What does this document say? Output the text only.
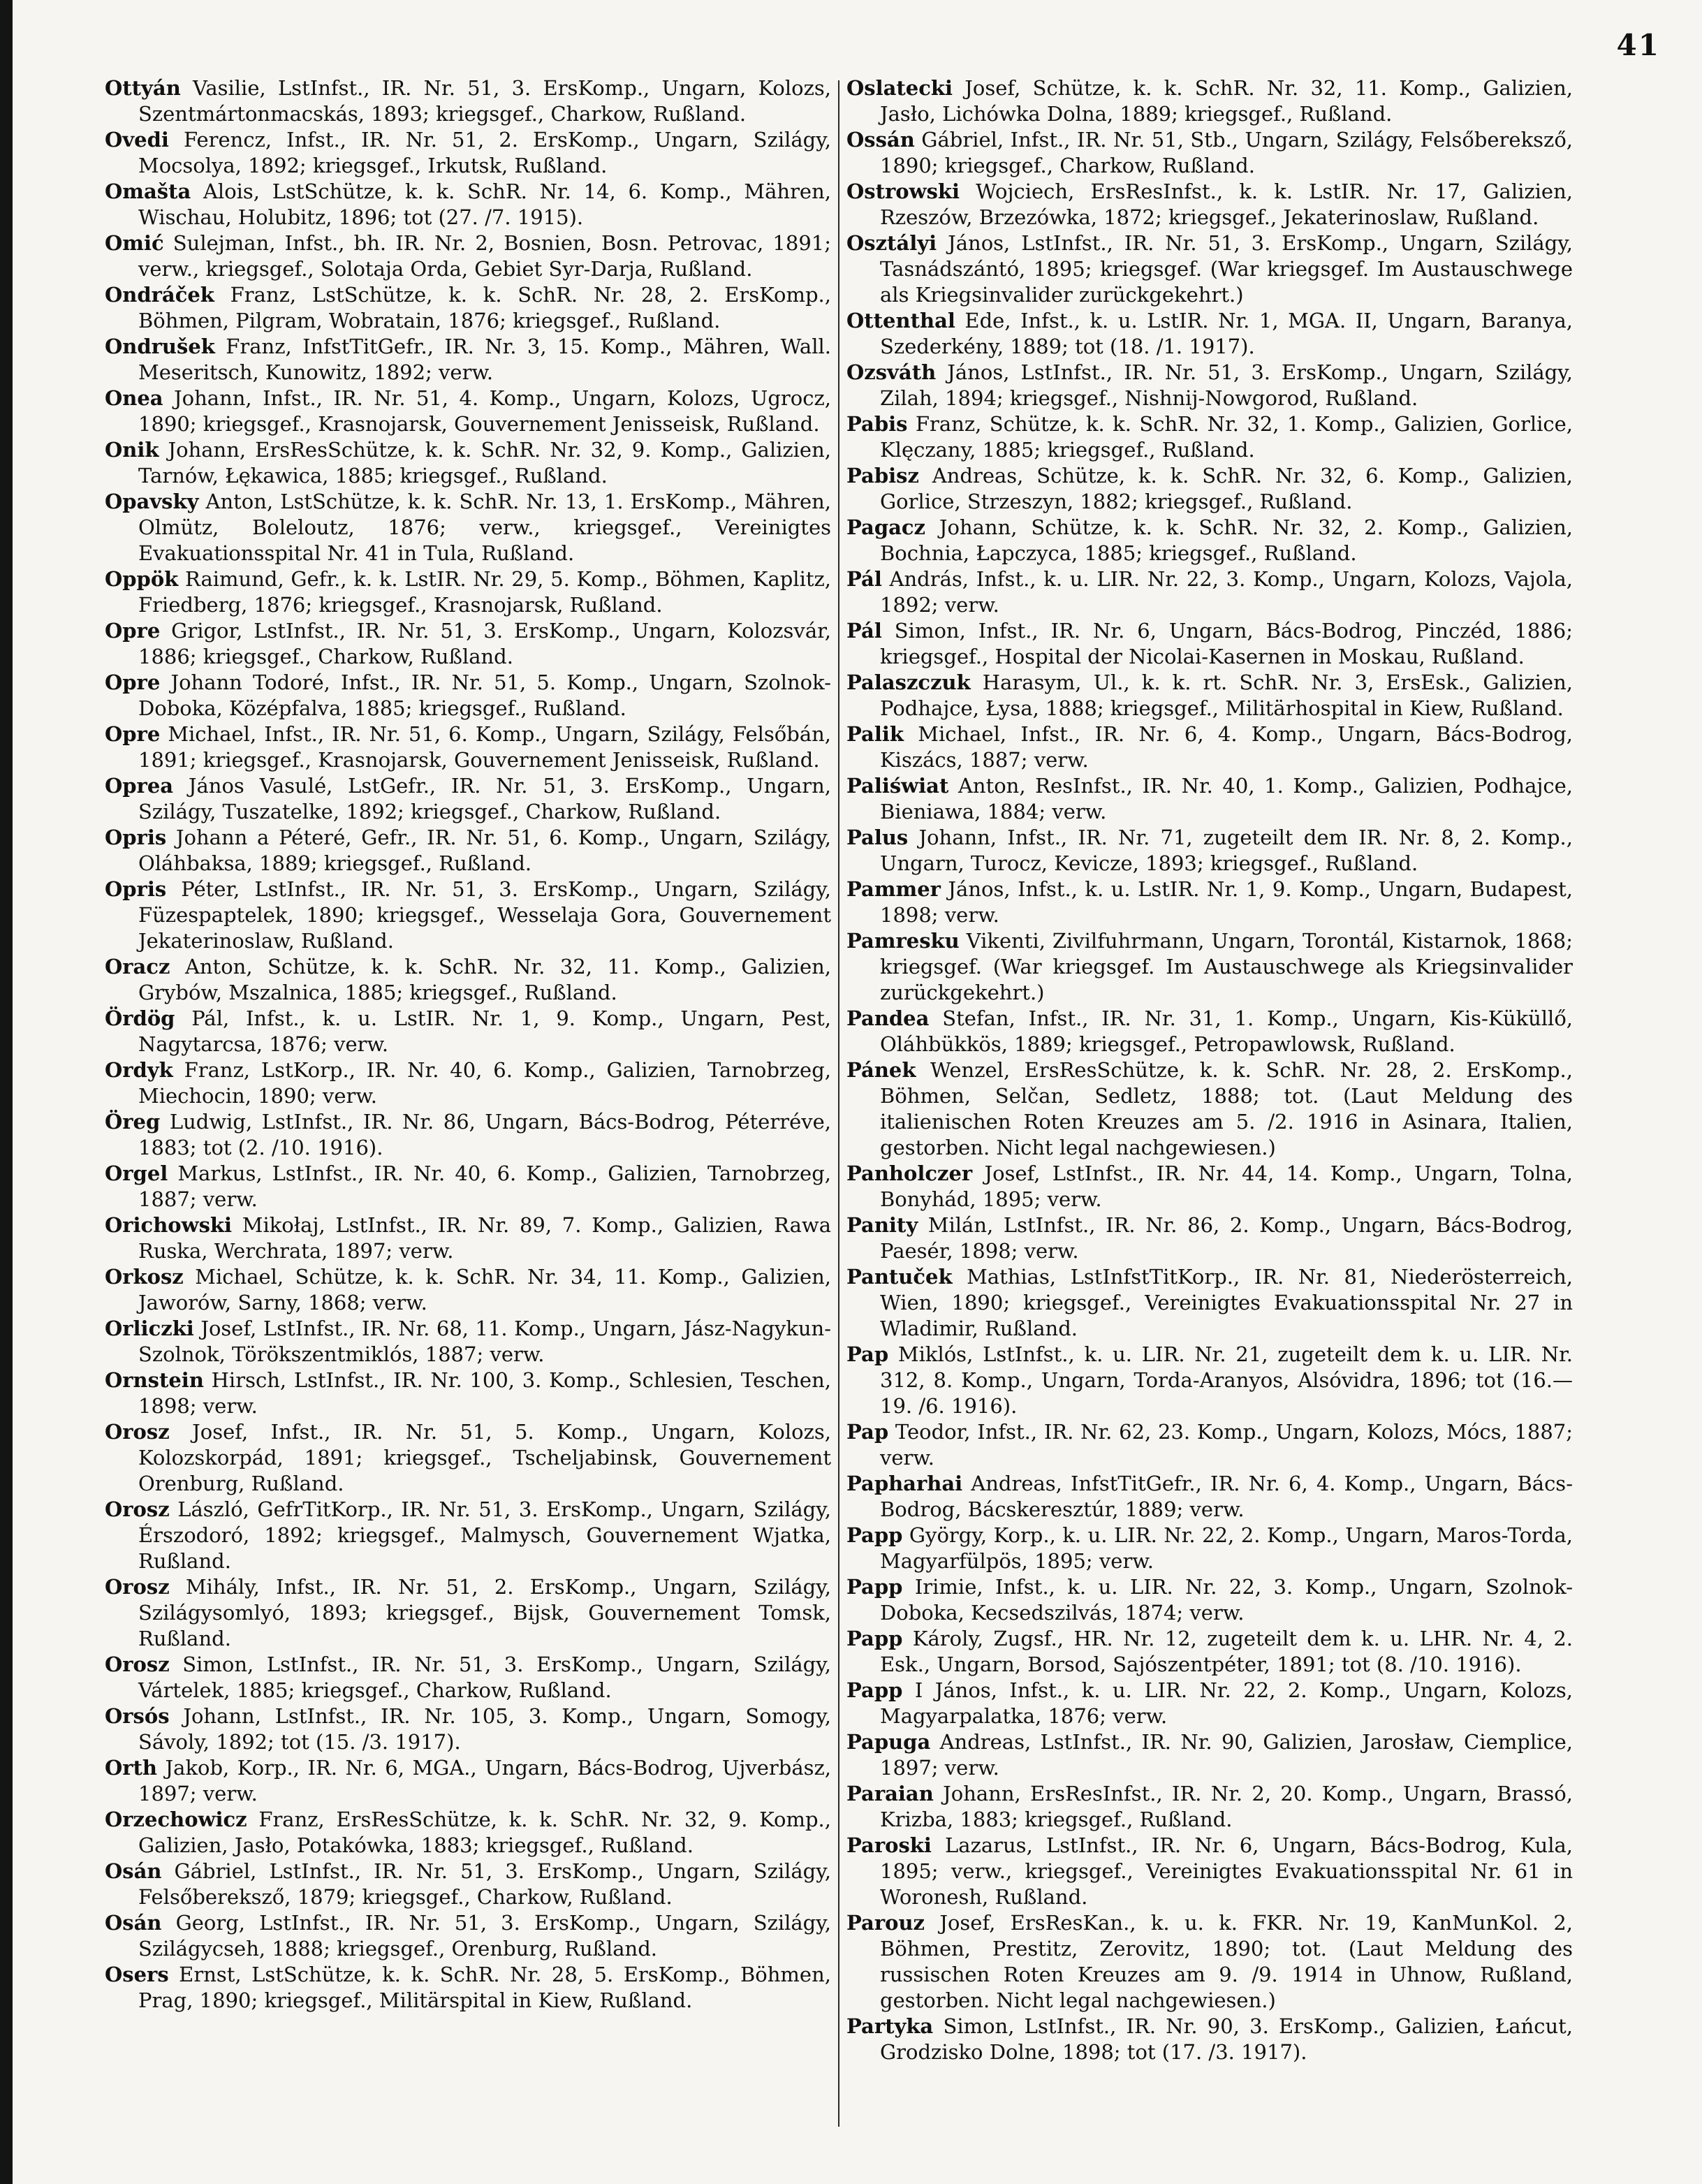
41

Ottyán Vasilie, LstInfst., IR. Nr. 51, 3. ErsKomp., Ungarn, Kolozs, Szentmártonmacskás, 1893; kriegsgef., Charkow, Rußland.

Ovedi Ferencz, Infst., IR. Nr. 51, 2. ErsKomp., Ungarn, Szilágy, Mocsolya, 1892; kriegsgef., Irkutsk, Rußland.

Omašta Alois, LstSchütze, k. k. SchR. Nr. 14, 6. Komp., Mähren, Wischau, Holubitz, 1896; tot (27. /7. 1915).

Omić Sulejman, Infst., bh. IR. Nr. 2, Bosnien, Bosn. Petrovac, 1891; verw., kriegsgef., Solotaja Orda, Gebiet Syr-Darja, Rußland.

Ondráček Franz, LstSchütze, k. k. SchR. Nr. 28, 2. ErsKomp., Böhmen, Pilgram, Wobratain, 1876; kriegsgef., Rußland.

Ondrušek Franz, InfstTitGefr., IR. Nr. 3, 15. Komp., Mähren, Wall. Meseritsch, Kunowitz, 1892; verw.

Onea Johann, Infst., IR. Nr. 51, 4. Komp., Ungarn, Kolozs, Ugrocz, 1890; kriegsgef., Krasnojarsk, Gouvernement Jenisseisk, Rußland.

Onik Johann, ErsResSchütze, k. k. SchR. Nr. 32, 9. Komp., Galizien, Tarnów, Łękawica, 1885; kriegsgef., Rußland.

Opavsky Anton, LstSchütze, k. k. SchR. Nr. 13, 1. ErsKomp., Mähren, Olmütz, Boleloutz, 1876; verw., kriegsgef., Vereinigtes Evakuationsspital Nr. 41 in Tula, Rußland.

Oppök Raimund, Gefr., k. k. LstIR. Nr. 29, 5. Komp., Böhmen, Kaplitz, Friedberg, 1876; kriegsgef., Krasnojarsk, Rußland.

Opre Grigor, LstInfst., IR. Nr. 51, 3. ErsKomp., Ungarn, Kolozsvár, 1886; kriegsgef., Charkow, Rußland.

Opre Johann Todoré, Infst., IR. Nr. 51, 5. Komp., Ungarn, Szolnok-Doboka, Középfalva, 1885; kriegsgef., Rußland.

Opre Michael, Infst., IR. Nr. 51, 6. Komp., Ungarn, Szilágy, Felsőbán, 1891; kriegsgef., Krasnojarsk, Gouvernement Jenisseisk, Rußland.

Oprea János Vasulé, LstGefr., IR. Nr. 51, 3. ErsKomp., Ungarn, Szilágy, Tuszatelke, 1892; kriegsgef., Charkow, Rußland.

Opris Johann a Péteré, Gefr., IR. Nr. 51, 6. Komp., Ungarn, Szilágy, Oláhbaksa, 1889; kriegsgef., Rußland.

Opris Péter, LstInfst., IR. Nr. 51, 3. ErsKomp., Ungarn, Szilágy, Füzespaptelek, 1890; kriegsgef., Wesselaja Gora, Gouvernement Jekaterinoslaw, Rußland.

Oracz Anton, Schütze, k. k. SchR. Nr. 32, 11. Komp., Galizien, Grybów, Mszalnica, 1885; kriegsgef., Rußland.

Ördög Pál, Infst., k. u. LstIR. Nr. 1, 9. Komp., Ungarn, Pest, Nagytarcsa, 1876; verw.

Ordyk Franz, LstKorp., IR. Nr. 40, 6. Komp., Galizien, Tarnobrzeg, Miechocin, 1890; verw.

Öreg Ludwig, LstInfst., IR. Nr. 86, Ungarn, Bács-Bodrog, Péterréve, 1883; tot (2. /10. 1916).

Orgel Markus, LstInfst., IR. Nr. 40, 6. Komp., Galizien, Tarnobrzeg, 1887; verw.

Orichowski Mikołaj, LstInfst., IR. Nr. 89, 7. Komp., Galizien, Rawa Ruska, Werchrata, 1897; verw.

Orkosz Michael, Schütze, k. k. SchR. Nr. 34, 11. Komp., Galizien, Jaworów, Sarny, 1868; verw.

Orliczki Josef, LstInfst., IR. Nr. 68, 11. Komp., Ungarn, Jász-Nagykun-Szolnok, Törökszentmiklós, 1887; verw.

Ornstein Hirsch, LstInfst., IR. Nr. 100, 3. Komp., Schlesien, Teschen, 1898; verw.

Orosz Josef, Infst., IR. Nr. 51, 5. Komp., Ungarn, Kolozs, Kolozskorpád, 1891; kriegsgef., Tscheljabinsk, Gouvernement Orenburg, Rußland.

Orosz László, GefrTitKorp., IR. Nr. 51, 3. ErsKomp., Ungarn, Szilágy, Érszodoró, 1892; kriegsgef., Malmysch, Gouvernement Wjatka, Rußland.

Orosz Mihály, Infst., IR. Nr. 51, 2. ErsKomp., Ungarn, Szilágy, Szilágysomlyó, 1893; kriegsgef., Bijsk, Gouvernement Tomsk, Rußland.

Orosz Simon, LstInfst., IR. Nr. 51, 3. ErsKomp., Ungarn, Szilágy, Vártelek, 1885; kriegsgef., Charkow, Rußland.

Orsós Johann, LstInfst., IR. Nr. 105, 3. Komp., Ungarn, Somogy, Sávoly, 1892; tot (15. /3. 1917).

Orth Jakob, Korp., IR. Nr. 6, MGA., Ungarn, Bács-Bodrog, Ujverbász, 1897; verw.

Orzechowicz Franz, ErsResSchütze, k. k. SchR. Nr. 32, 9. Komp., Galizien, Jasło, Potakówka, 1883; kriegsgef., Rußland.

Osán Gábriel, LstInfst., IR. Nr. 51, 3. ErsKomp., Ungarn, Szilágy, Felsőbereksző, 1879; kriegsgef., Charkow, Rußland.

Osán Georg, LstInfst., IR. Nr. 51, 3. ErsKomp., Ungarn, Szilágy, Szilágycseh, 1888; kriegsgef., Orenburg, Rußland.

Osers Ernst, LstSchütze, k. k. SchR. Nr. 28, 5. ErsKomp., Böhmen, Prag, 1890; kriegsgef., Militärspital in Kiew, Rußland.

Oslatecki Josef, Schütze, k. k. SchR. Nr. 32, 11. Komp., Galizien, Jasło, Lichówka Dolna, 1889; kriegsgef., Rußland.

Ossán Gábriel, Infst., IR. Nr. 51, Stb., Ungarn, Szilágy, Felsőbereksző, 1890; kriegsgef., Charkow, Rußland.

Ostrowski Wojciech, ErsResInfst., k. k. LstIR. Nr. 17, Galizien, Rzeszów, Brzezówka, 1872; kriegsgef., Jekaterinoslaw, Rußland.

Osztályi János, LstInfst., IR. Nr. 51, 3. ErsKomp., Ungarn, Szilágy, Tasnádszántó, 1895; kriegsgef. (War kriegsgef. Im Austauschwege als Kriegsinvalider zurückgekehrt.)

Ottenthal Ede, Infst., k. u. LstIR. Nr. 1, MGA. II, Ungarn, Baranya, Szederkény, 1889; tot (18. /1. 1917).

Ozsváth János, LstInfst., IR. Nr. 51, 3. ErsKomp., Ungarn, Szilágy, Zilah, 1894; kriegsgef., Nishnij-Nowgorod, Rußland.

Pabis Franz, Schütze, k. k. SchR. Nr. 32, 1. Komp., Galizien, Gorlice, Klęczany, 1885; kriegsgef., Rußland.

Pabisz Andreas, Schütze, k. k. SchR. Nr. 32, 6. Komp., Galizien, Gorlice, Strzeszyn, 1882; kriegsgef., Rußland.

Pagacz Johann, Schütze, k. k. SchR. Nr. 32, 2. Komp., Galizien, Bochnia, Łapczyca, 1885; kriegsgef., Rußland.

Pál András, Infst., k. u. LIR. Nr. 22, 3. Komp., Ungarn, Kolozs, Vajola, 1892; verw.

Pál Simon, Infst., IR. Nr. 6, Ungarn, Bács-Bodrog, Pinczéd, 1886; kriegsgef., Hospital der Nicolai-Kasernen in Moskau, Rußland.

Palaszczuk Harasym, Ul., k. k. rt. SchR. Nr. 3, ErsEsk., Galizien, Podhajce, Łysa, 1888; kriegsgef., Militärhospital in Kiew, Rußland.

Palik Michael, Infst., IR. Nr. 6, 4. Komp., Ungarn, Bács-Bodrog, Kiszács, 1887; verw.

Paliświat Anton, ResInfst., IR. Nr. 40, 1. Komp., Galizien, Podhajce, Bieniawa, 1884; verw.

Palus Johann, Infst., IR. Nr. 71, zugeteilt dem IR. Nr. 8, 2. Komp., Ungarn, Turocz, Kevicze, 1893; kriegsgef., Rußland.

Pammer János, Infst., k. u. LstIR. Nr. 1, 9. Komp., Ungarn, Budapest, 1898; verw.

Pamresku Vikenti, Zivilfuhrmann, Ungarn, Torontál, Kistarnok, 1868; kriegsgef. (War kriegsgef. Im Austauschwege als Kriegsinvalider zurückgekehrt.)

Pandea Stefan, Infst., IR. Nr. 31, 1. Komp., Ungarn, Kis-Küküllő, Oláhbükkös, 1889; kriegsgef., Petropawlowsk, Rußland.

Pánek Wenzel, ErsResSchütze, k. k. SchR. Nr. 28, 2. ErsKomp., Böhmen, Selčan, Sedletz, 1888; tot. (Laut Meldung des italienischen Roten Kreuzes am 5. /2. 1916 in Asinara, Italien, gestorben. Nicht legal nachgewiesen.)

Panholczer Josef, LstInfst., IR. Nr. 44, 14. Komp., Ungarn, Tolna, Bonyhád, 1895; verw.

Panity Milán, LstInfst., IR. Nr. 86, 2. Komp., Ungarn, Bács-Bodrog, Paesér, 1898; verw.

Pantuček Mathias, LstInfstTitKorp., IR. Nr. 81, Niederösterreich, Wien, 1890; kriegsgef., Vereinigtes Evakuationsspital Nr. 27 in Wladimir, Rußland.

Pap Miklós, LstInfst., k. u. LIR. Nr. 21, zugeteilt dem k. u. LIR. Nr. 312, 8. Komp., Ungarn, Torda-Aranyos, Alsóvidra, 1896; tot (16.—19. /6. 1916).

Pap Teodor, Infst., IR. Nr. 62, 23. Komp., Ungarn, Kolozs, Mócs, 1887; verw.

Papharhai Andreas, InfstTitGefr., IR. Nr. 6, 4. Komp., Ungarn, Bács-Bodrog, Bácskeresztúr, 1889; verw.

Papp György, Korp., k. u. LIR. Nr. 22, 2. Komp., Ungarn, Maros-Torda, Magyarfülpös, 1895; verw.

Papp Irimie, Infst., k. u. LIR. Nr. 22, 3. Komp., Ungarn, Szolnok-Doboka, Kecsedszilvás, 1874; verw.

Papp Károly, Zugsf., HR. Nr. 12, zugeteilt dem k. u. LHR. Nr. 4, 2. Esk., Ungarn, Borsod, Sajószentpéter, 1891; tot (8. /10. 1916).

Papp I János, Infst., k. u. LIR. Nr. 22, 2. Komp., Ungarn, Kolozs, Magyarpalatka, 1876; verw.

Papuga Andreas, LstInfst., IR. Nr. 90, Galizien, Jarosław, Ciemplice, 1897; verw.

Paraian Johann, ErsResInfst., IR. Nr. 2, 20. Komp., Ungarn, Brassó, Krizba, 1883; kriegsgef., Rußland.

Paroski Lazarus, LstInfst., IR. Nr. 6, Ungarn, Bács-Bodrog, Kula, 1895; verw., kriegsgef., Vereinigtes Evakuationsspital Nr. 61 in Woronesh, Rußland.

Parouz Josef, ErsResKan., k. u. k. FKR. Nr. 19, KanMunKol. 2, Böhmen, Prestitz, Zerovitz, 1890; tot. (Laut Meldung des russischen Roten Kreuzes am 9. /9. 1914 in Uhnow, Rußland, gestorben. Nicht legal nachgewiesen.)

Partyka Simon, LstInfst., IR. Nr. 90, 3. ErsKomp., Galizien, Łańcut, Grodzisko Dolne, 1898; tot (17. /3. 1917).
